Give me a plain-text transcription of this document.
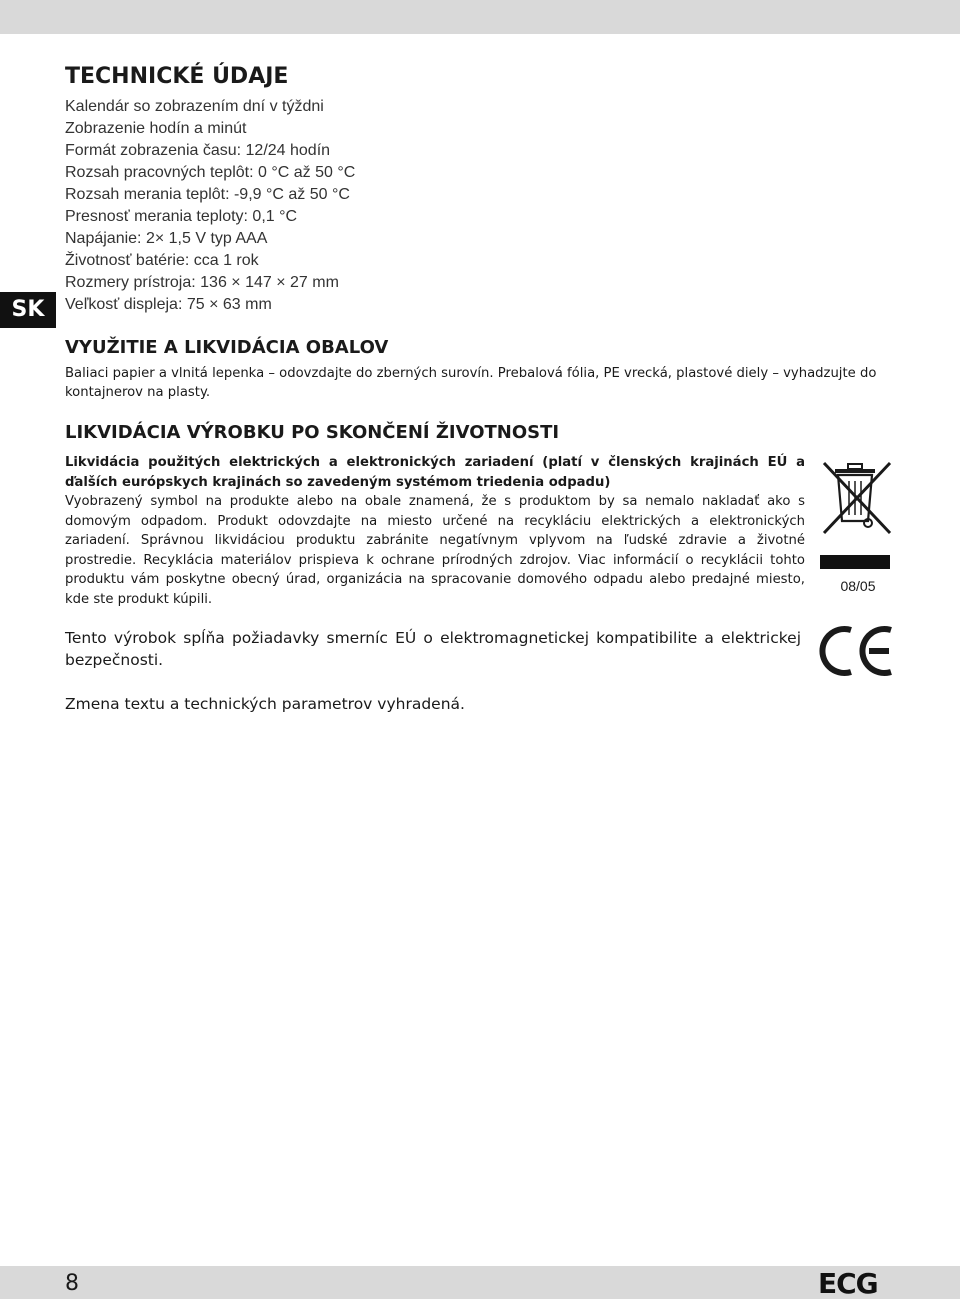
SK
TECHNICKÉ ÚDAJE
Kalendár so zobrazením dní v týždni
Zobrazenie hodín a minút
Formát zobrazenia času: 12/24 hodín
Rozsah pracovných teplôt: 0 °C až 50 °C
Rozsah merania teplôt: -9,9 °C až 50 °C
Presnosť merania teploty: 0,1 °C
Napájanie: 2× 1,5 V typ AAA
Životnosť batérie: cca 1 rok
Rozmery prístroja: 136 × 147 × 27 mm
Veľkosť displeja: 75 × 63 mm
VYUŽITIE A LIKVIDÁCIA OBALOV

Baliaci papier a vlnitá lepenka – odovzdajte do zberných surovín. Prebalová fólia, PE vrecká, plastové diely – vyhadzujte do kontajnerov na plasty.

LIKVIDÁCIA VÝROBKU PO SKONČENÍ ŽIVOTNOSTI
Likvidácia použitých elektrických a elektronických zariadení (platí v členských krajinách EÚ a ďalších európskych krajinách so zavedeným systémom triedenia odpadu)
Vyobrazený symbol na produkte alebo na obale znamená, že s produktom by sa nemalo nakladať ako s domovým odpadom. Produkt odovzdajte na miesto určené na recykláciu elektrických a elektronických zariadení. Správnou likvidáciou produktu zabránite negatívnym vplyvom na ľudské zdravie a životné prostredie. Recyklácia materiálov prispieva k ochrane prírodných zdrojov. Viac informácií o recyklácii tohto produktu vám poskytne obecný úrad, organizácia na spracovanie domového odpadu alebo predajné miesto, kde ste produkt kúpili.
08/05

Tento výrobok spĺňa požiadavky smerníc EÚ o elektromagnetickej kompatibilite a elektrickej bezpečnosti.

Zmena textu a technických parametrov vyhradená.

8	ECG
